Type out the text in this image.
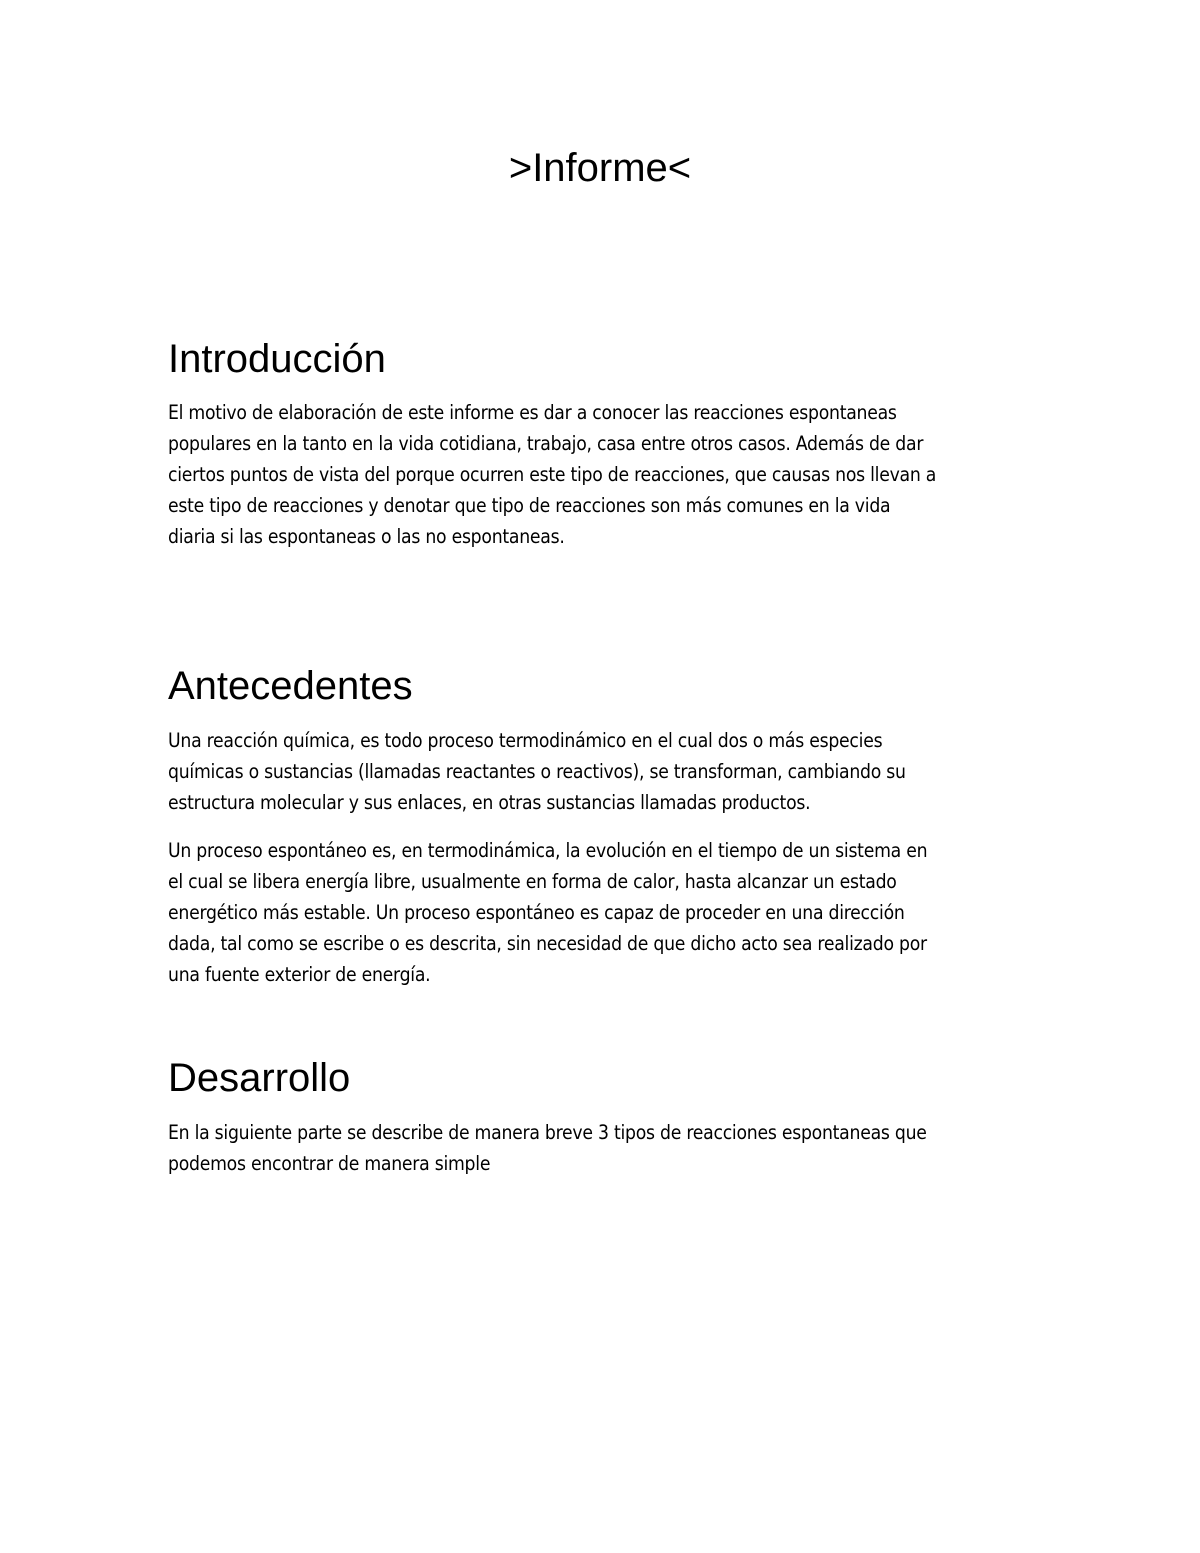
>Informe<
Introducción

El motivo de elaboración de este informe es dar a conocer las reacciones espontaneas
populares en la tanto en la vida cotidiana, trabajo, casa entre otros casos. Además de dar
ciertos puntos de vista del porque ocurren este tipo de reacciones, que causas nos llevan a
este tipo de reacciones y denotar que tipo de reacciones son más comunes en la vida
diaria si las espontaneas o las no espontaneas.

Antecedentes

Una reacción química, es todo proceso termodinámico en el cual dos o más especies
químicas o sustancias (llamadas reactantes o reactivos), se transforman, cambiando su
estructura molecular y sus enlaces, en otras sustancias llamadas productos.

Un proceso espontáneo es, en termodinámica, la evolución en el tiempo de un sistema en
el cual se libera energía libre, usualmente en forma de calor, hasta alcanzar un estado
energético más estable. Un proceso espontáneo es capaz de proceder en una dirección
dada, tal como se escribe o es descrita, sin necesidad de que dicho acto sea realizado por
una fuente exterior de energía.

Desarrollo

En la siguiente parte se describe de manera breve 3 tipos de reacciones espontaneas que
podemos encontrar de manera simple
